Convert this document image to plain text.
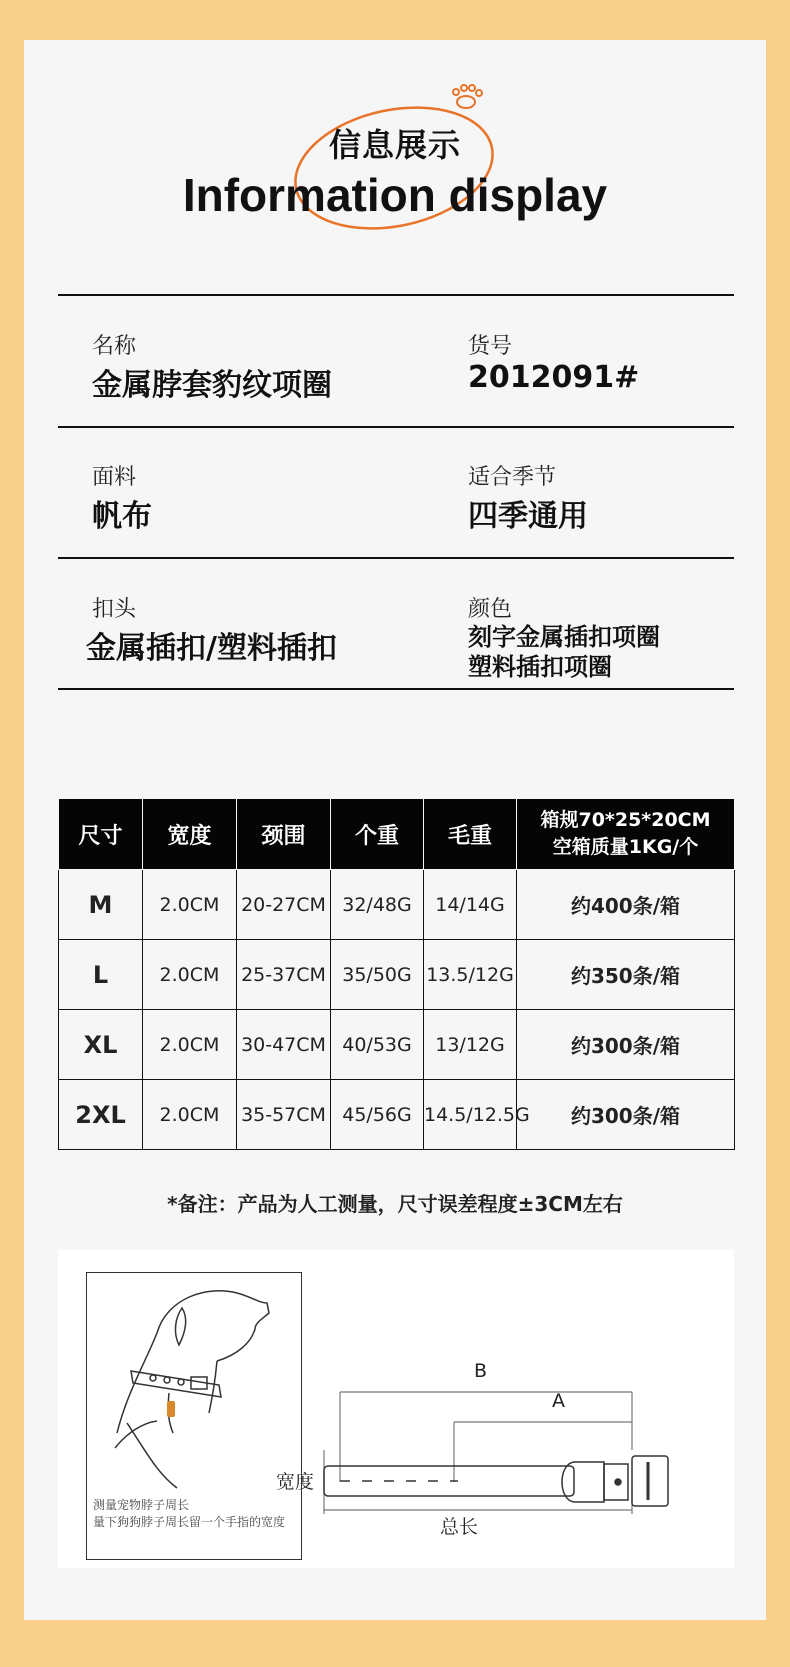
信息展示
Information display
名称
金属脖套豹纹项圈
货号
2012091#
面料
帆布
适合季节
四季通用
扣头
金属插扣/塑料插扣
颜色
刻字金属插扣项圈
塑料插扣项圈
尺寸	宽度	颈围	个重	毛重	箱规70*25*20CM
空箱质量1KG/个

M	2.0CM	20-27CM	32/48G	14/14G	约400条/箱
L	2.0CM	25-37CM	35/50G	13.5/12G	约350条/箱
XL	2.0CM	30-47CM	40/53G	13/12G	约300条/箱
2XL	2.0CM	35-57CM	45/56G	14.5/12.5G	约300条/箱
*备注：产品为人工测量，尺寸误差程度±3CM左右
测量宠物脖子周长
量下狗狗脖子周长留一个手指的宽度
B
A
宽度
总长
